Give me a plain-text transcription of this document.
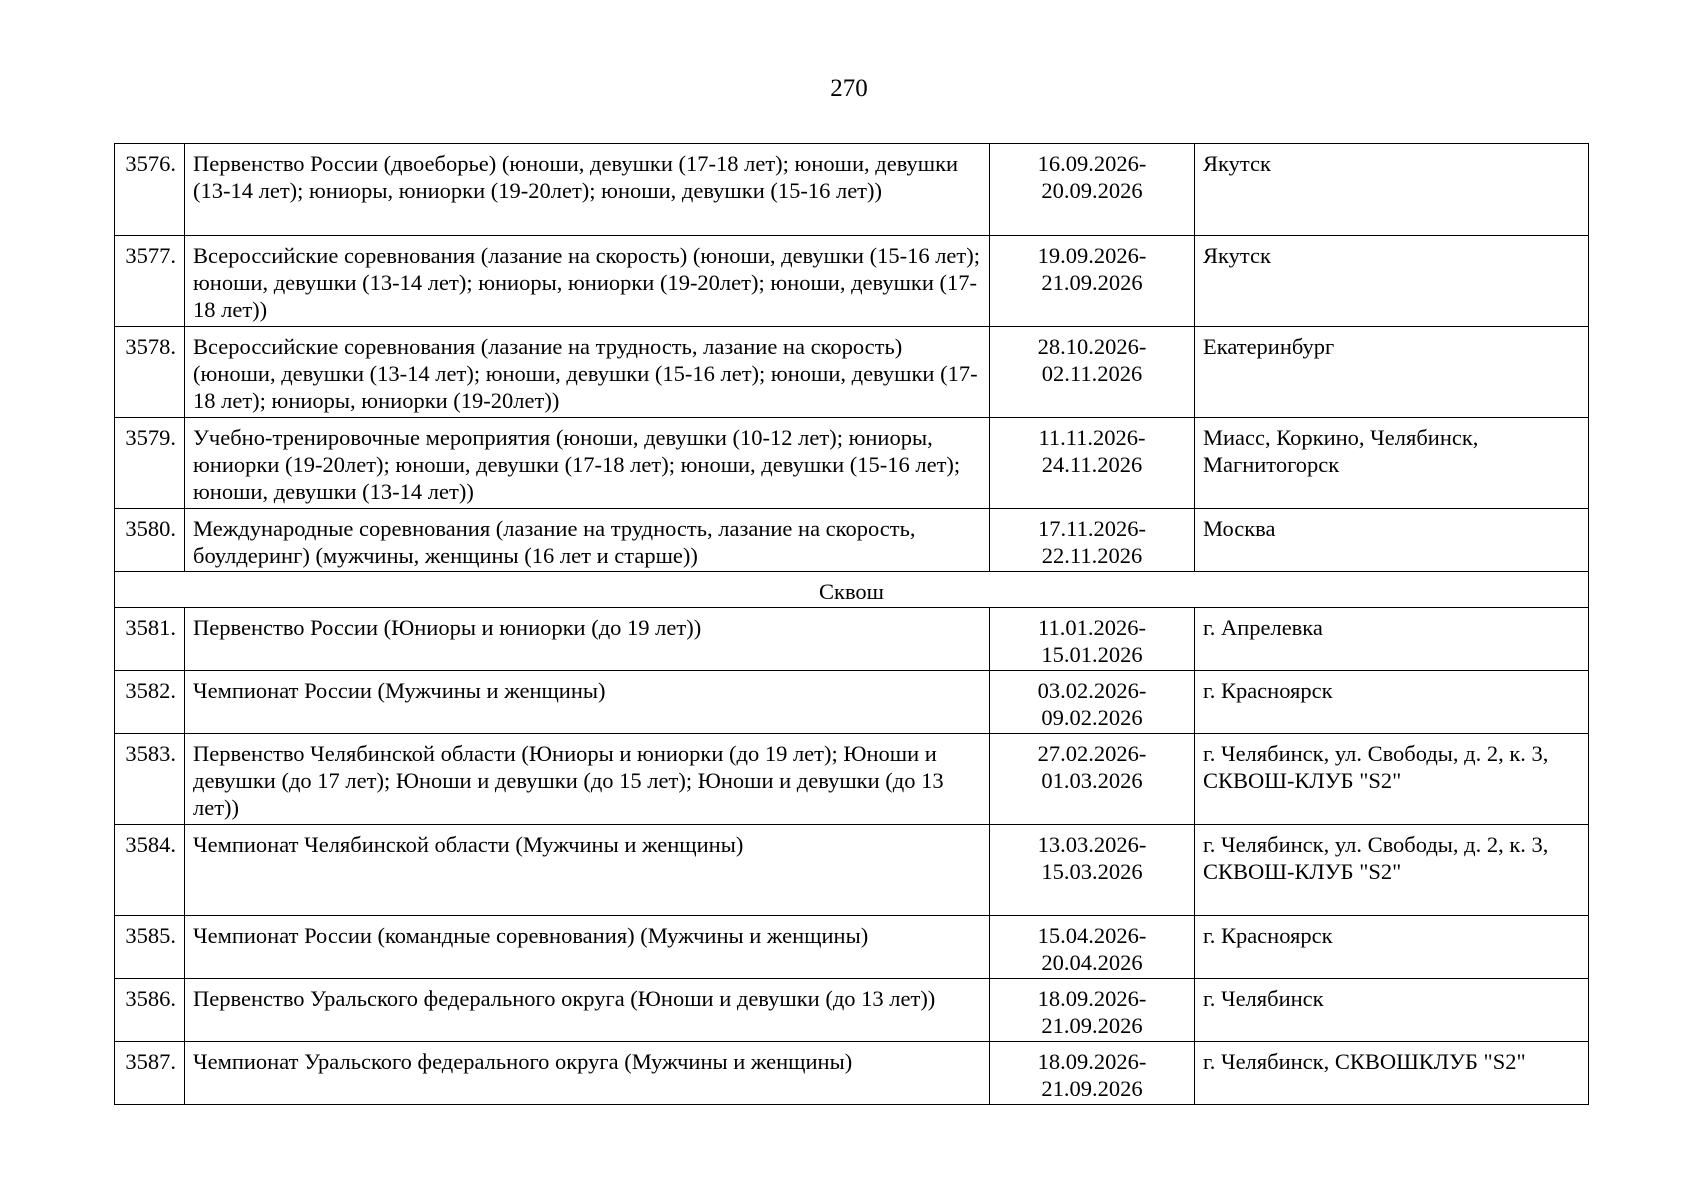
270
3576.	Первенство России (двоеборье) (юноши, девушки (17-18 лет); юноши, девушки (13-14 лет); юниоры, юниорки (19-20лет); юноши, девушки (15-16 лет))	16.09.2026-
20.09.2026	Якутск

3577.	Всероссийские соревнования (лазание на скорость) (юноши, девушки (15-16 лет); юноши, девушки (13-14 лет); юниоры, юниорки (19-20лет); юноши, девушки (17-18 лет))	19.09.2026-
21.09.2026	Якутск

3578.	Всероссийские соревнования (лазание на трудность, лазание на скорость) (юноши, девушки (13-14 лет); юноши, девушки (15-16 лет); юноши, девушки (17-18 лет); юниоры, юниорки (19-20лет))	28.10.2026-
02.11.2026	Екатеринбург

3579.	Учебно-тренировочные мероприятия (юноши, девушки (10-12 лет); юниоры, юниорки (19-20лет); юноши, девушки (17-18 лет); юноши, девушки (15-16 лет); юноши, девушки (13-14 лет))	11.11.2026-
24.11.2026	Миасс, Коркино, Челябинск,
Магнитогорск

3580.	Международные соревнования (лазание на трудность, лазание на скорость, боулдеринг) (мужчины, женщины (16 лет и старше))	17.11.2026-
22.11.2026	Москва

Сквош			
3581.	Первенство России (Юниоры и юниорки (до 19 лет))	11.01.2026-
15.01.2026	г. Апрелевка

3582.	Чемпионат России (Мужчины и женщины)	03.02.2026-
09.02.2026	г. Красноярск

3583.	Первенство Челябинской области (Юниоры и юниорки (до 19 лет); Юноши и девушки (до 17 лет); Юноши и девушки (до 15 лет); Юноши и девушки (до 13 лет))	27.02.2026-
01.03.2026	г. Челябинск, ул. Свободы, д. 2, к. 3,
СКВОШ-КЛУБ "S2"

3584.	Чемпионат Челябинской области (Мужчины и женщины)	13.03.2026-
15.03.2026	г. Челябинск, ул. Свободы, д. 2, к. 3,
СКВОШ-КЛУБ "S2"

3585.	Чемпионат России (командные соревнования) (Мужчины и женщины)	15.04.2026-
20.04.2026	г. Красноярск

3586.	Первенство Уральского федерального округа (Юноши и девушки (до 13 лет))	18.09.2026-
21.09.2026	г. Челябинск

3587.	Чемпионат Уральского федерального округа (Мужчины и женщины)	18.09.2026-
21.09.2026	г. Челябинск, СКВОШКЛУБ "S2"
